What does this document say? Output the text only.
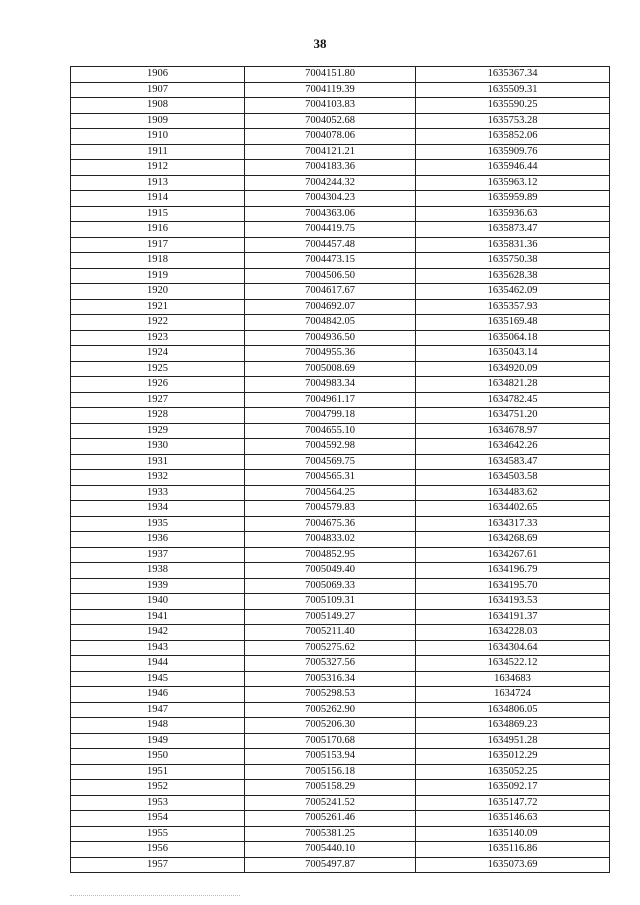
38
1906	7004151.80	1635367.34
1907	7004119.39	1635509.31
1908	7004103.83	1635590.25
1909	7004052.68	1635753.28
1910	7004078.06	1635852.06
1911	7004121.21	1635909.76
1912	7004183.36	1635946.44
1913	7004244.32	1635963.12
1914	7004304.23	1635959.89
1915	7004363.06	1635936.63
1916	7004419.75	1635873.47
1917	7004457.48	1635831.36
1918	7004473.15	1635750.38
1919	7004506.50	1635628.38
1920	7004617.67	1635462.09
1921	7004692.07	1635357.93
1922	7004842.05	1635169.48
1923	7004936.50	1635064.18
1924	7004955.36	1635043.14
1925	7005008.69	1634920.09
1926	7004983.34	1634821.28
1927	7004961.17	1634782.45
1928	7004799.18	1634751.20
1929	7004655.10	1634678.97
1930	7004592.98	1634642.26
1931	7004569.75	1634583.47
1932	7004565.31	1634503.58
1933	7004564.25	1634483.62
1934	7004579.83	1634402.65
1935	7004675.36	1634317.33
1936	7004833.02	1634268.69
1937	7004852.95	1634267.61
1938	7005049.40	1634196.79
1939	7005069.33	1634195.70
1940	7005109.31	1634193.53
1941	7005149.27	1634191.37
1942	7005211.40	1634228.03
1943	7005275.62	1634304.64
1944	7005327.56	1634522.12
1945	7005316.34	1634683
1946	7005298.53	1634724
1947	7005262.90	1634806.05
1948	7005206.30	1634869.23
1949	7005170.68	1634951.28
1950	7005153.94	1635012.29
1951	7005156.18	1635052.25
1952	7005158.29	1635092.17
1953	7005241.52	1635147.72
1954	7005261.46	1635146.63
1955	7005381.25	1635140.09
1956	7005440.10	1635116.86
1957	7005497.87	1635073.69
